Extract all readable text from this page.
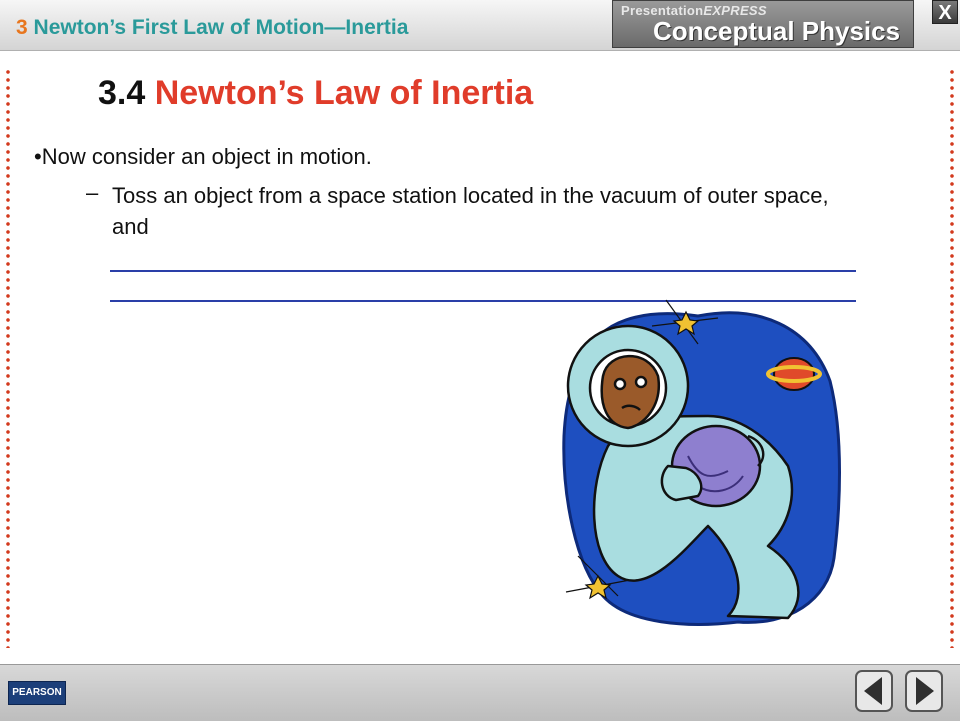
3 Newton’s First Law of Motion—Inertia
PresentationEXPRESS
Conceptual Physics
X
3.4 Newton’s Law of Inertia
•Now consider an object in motion.
– Toss an object from a space station located in the vacuum of outer space, and
PEARSON
